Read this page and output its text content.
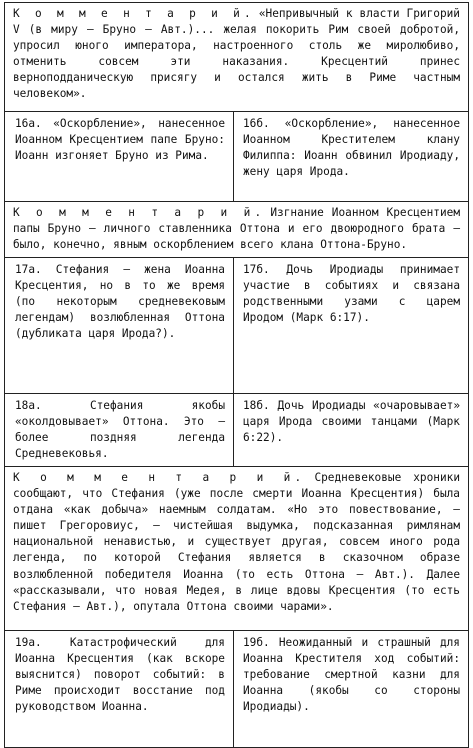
К о м м е н т а р и й. «Непривычный к власти Григорий V (в миру – Бруно – Авт.)... желая покорить Рим своей добротой, упросил юного императора, настроенного столь же миролюбиво, отменить совсем эти наказания. Кресцентий принес верноподданическую присягу и остался жить в Риме частным человеком».
16а. «Оскорбление», нанесенное Иоанном Кресцентием папе Бруно: Иоанн изгоняет Бруно из Рима.
16б. «Оскорбление», нанесенное Иоанном Крестителем клану Филиппа: Иоанн обвинил Иродиаду, жену царя Ирода.
К о м м е н т а р и й. Изгнание Иоанном Кресцентием папы Бруно – личного ставленника Оттона и его двоюродного брата – было, конечно, явным оскорблением всего клана Оттона-Бруно.
17а. Стефания – жена Иоанна Кресцентия, но в то же время (по некоторым средневековым легендам) возлюбленная Оттона (дубликата царя Ирода?).
17б. Дочь Иродиады принимает участие в событиях и связана родственными узами с царем Иродом (Марк 6:17).
18а. Стефания якобы «околдовывает» Оттона. Это – более поздняя легенда Средневековья.
18б. Дочь Иродиады «очаровывает» царя Ирода своими танцами (Марк 6:22).
К о м м е н т а р и й. Средневековые хроники сообщают, что Стефания (уже после смерти Иоанна Кресцентия) была отдана «как добыча» наемным солдатам. «Но это повествование, – пишет Грегоровиус, – чистейшая выдумка, подсказанная римлянам национальной ненавистью, и существует другая, совсем иного рода легенда, по которой Стефания является в сказочном образе возлюбленной победителя Иоанна (то есть Оттона – Авт.). Далее «рассказывали, что новая Медея, в лице вдовы Кресцентия (то есть Стефания – Авт.), опутала Оттона своими чарами».
19а. Катастрофический для Иоанна Кресцентия (как вскоре выяснится) поворот событий: в Риме происходит восстание под руководством Иоанна.
19б. Неожиданный и страшный для Иоанна Крестителя ход событий: требование смертной казни для Иоанна (якобы со стороны Иродиады).
